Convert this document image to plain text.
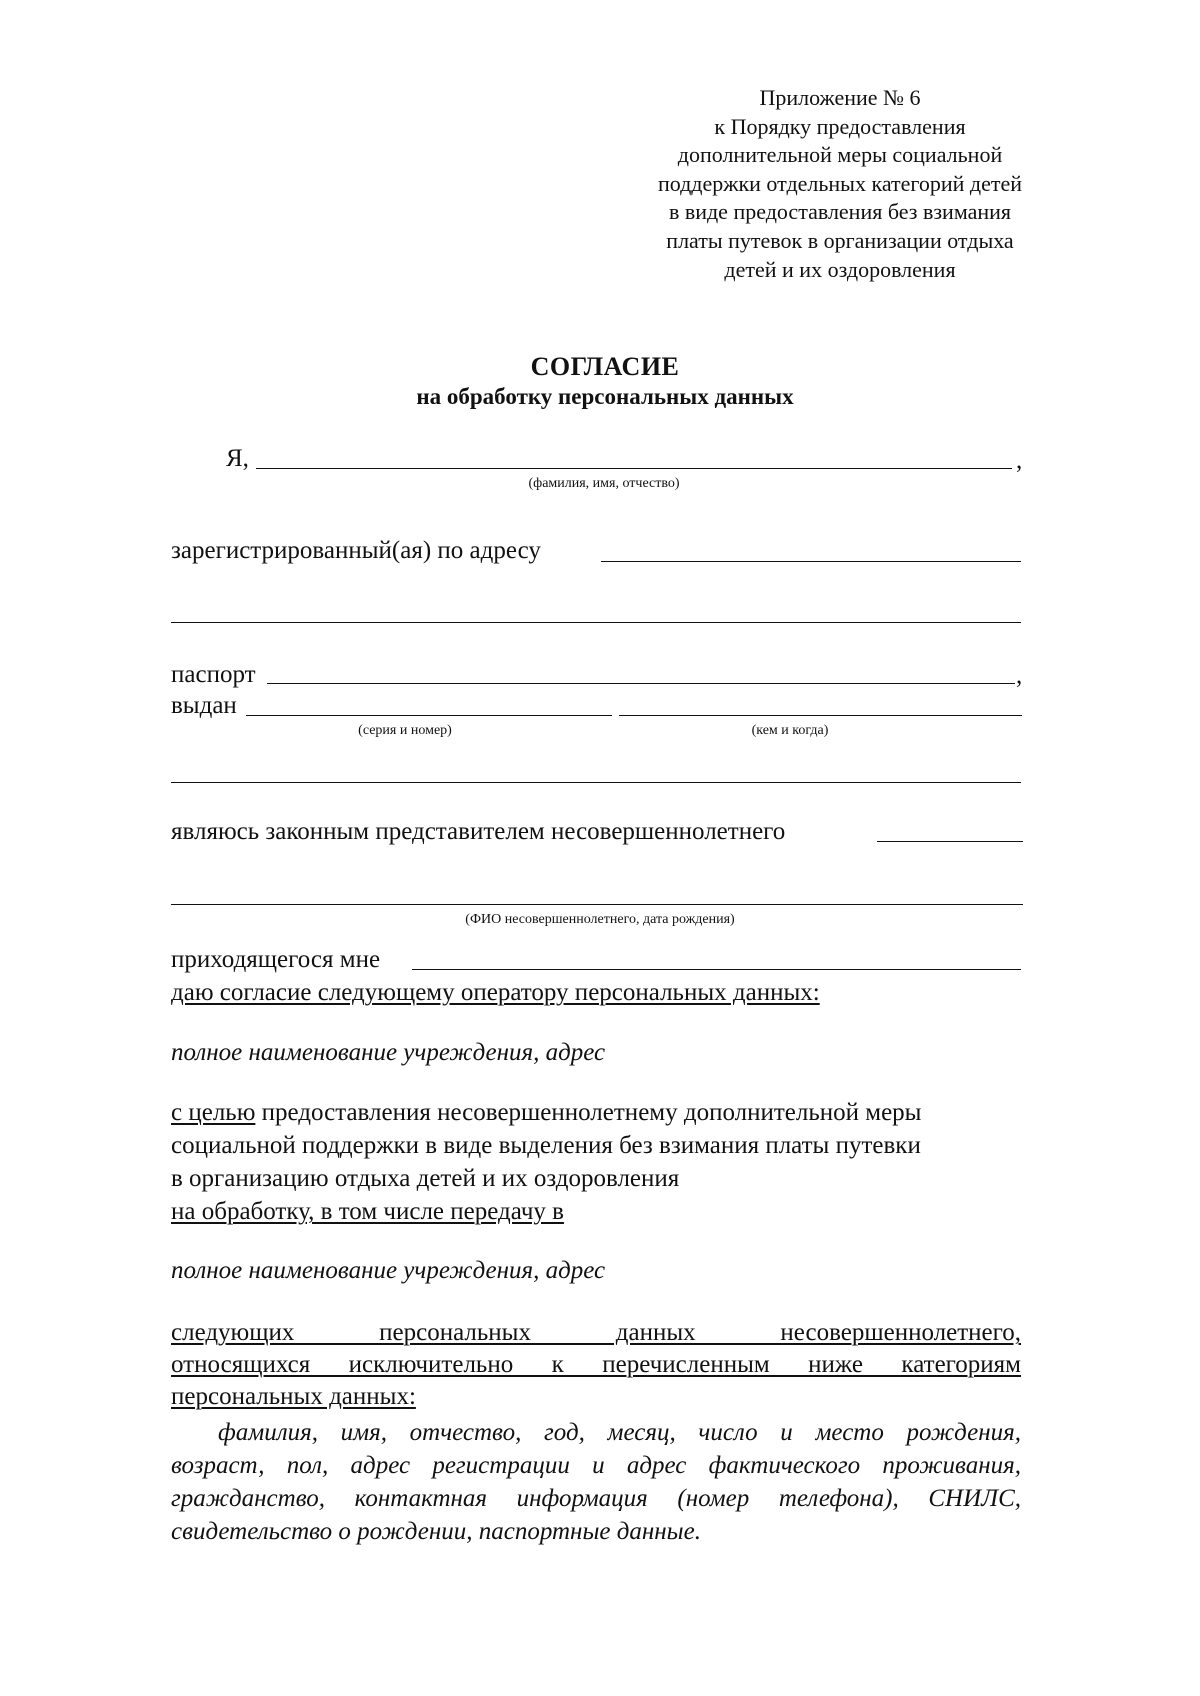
Приложение № 6
к Порядку предоставления
дополнительной меры социальной
поддержки отдельных категорий детей
в виде предоставления без взимания
платы путевок в организации отдыха
детей и их оздоровления
СОГЛАСИЕ
на обработку персональных данных
Я,	,
(фамилия, имя, отчество)
зарегистрированный(ая) по адресу
паспорт	,
выдан
(серия и номер)	(кем и когда)
являюсь законным представителем несовершеннолетнего
(ФИО несовершеннолетнего, дата рождения)
приходящегося мне
даю согласие следующему оператору персональных данных:
полное наименование учреждения, адрес
с целью предоставления несовершеннолетнему дополнительной меры
социальной поддержки в виде выделения без взимания платы путевки
в организацию отдыха детей и их оздоровления
на обработку, в том числе передачу в
полное наименование учреждения, адрес
следующих персональных данных несовершеннолетнего,
относящихся исключительно к перечисленным ниже категориям
персональных данных:
фамилия, имя, отчество, год, месяц, число и место рождения,
возраст, пол, адрес регистрации и адрес фактического проживания,
гражданство, контактная информация (номер телефона), СНИЛС,
свидетельство о рождении, паспортные данные.
